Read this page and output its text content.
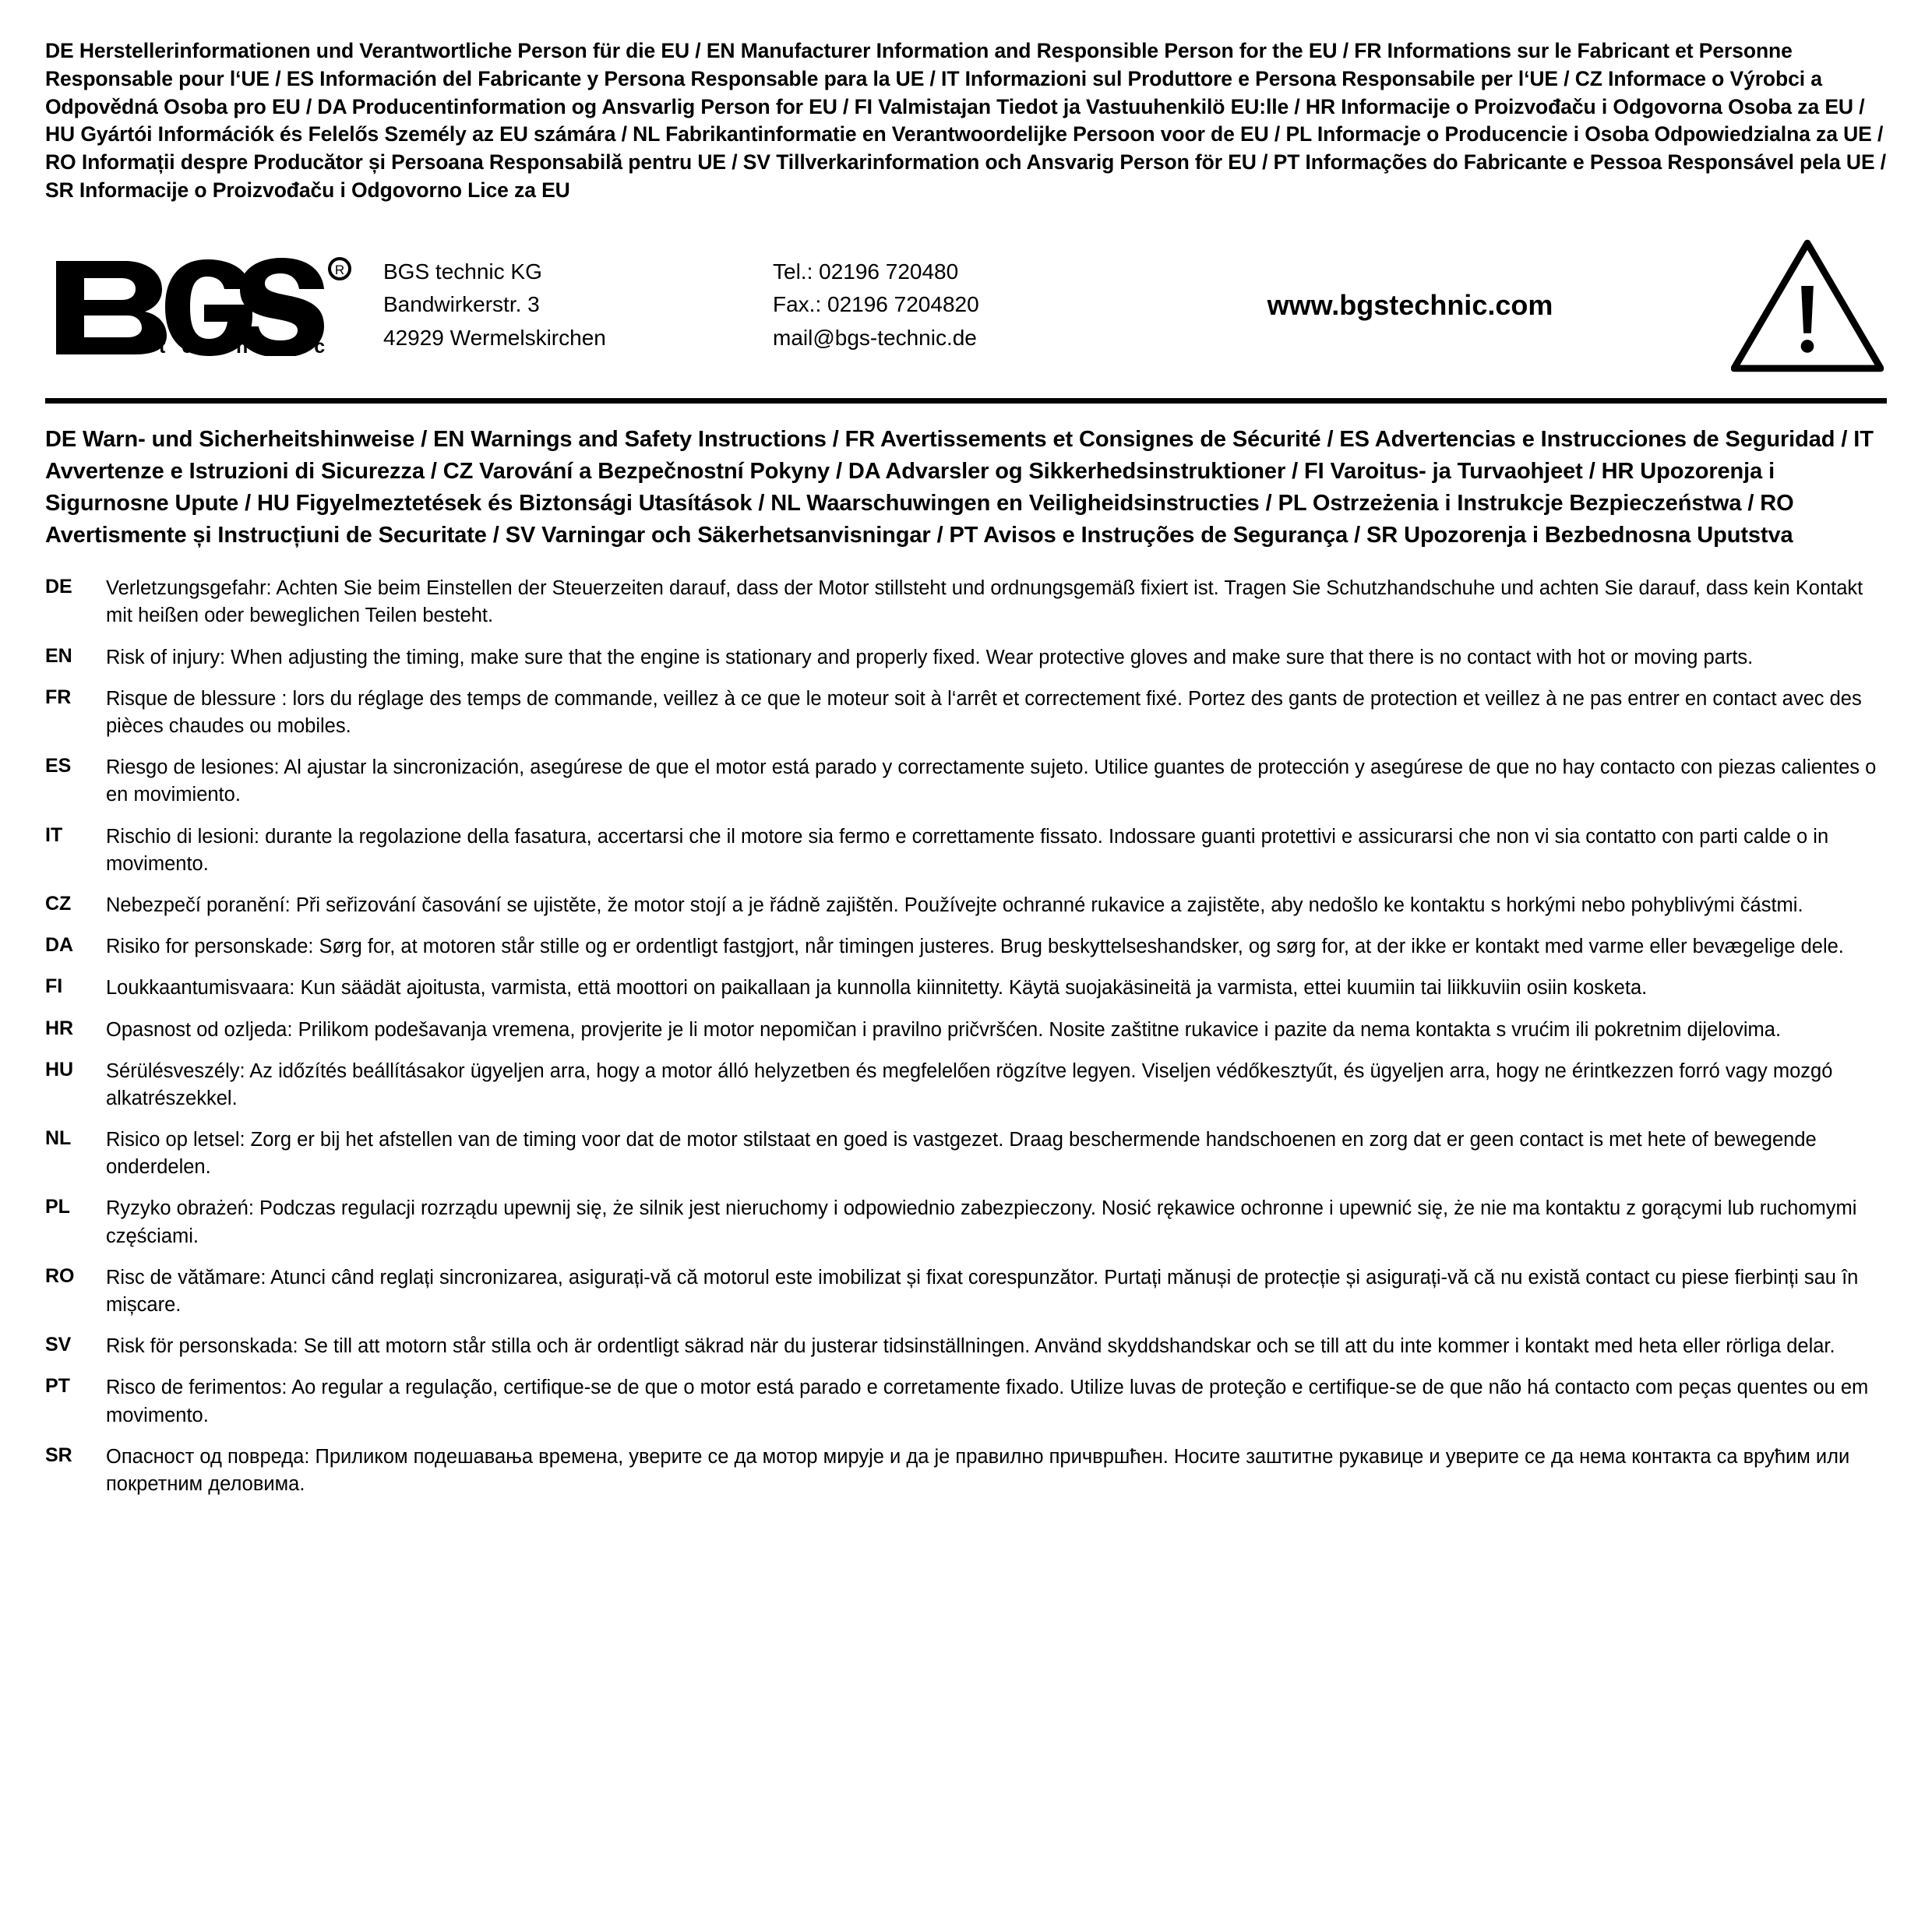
DE Herstellerinformationen und Verantwortliche Person für die EU / EN Manufacturer Information and Responsible Person for the EU / FR Informations sur le Fabricant et Personne Responsable pour l‘UE / ES Información del Fabricante y Persona Responsable para la UE / IT Informazioni sul Produttore e Persona Responsabile per l‘UE / CZ Informace o Výrobci a Odpovědná Osoba pro EU / DA Producentinformation og Ansvarlig Person for EU / FI Valmistajan Tiedot ja Vastuuhenkilö EU:lle / HR Informacije o Proizvođaču i Odgovorna Osoba za EU / HU Gyártói Információk és Felelős Személy az EU számára / NL Fabrikantinformatie en Verantwoordelijke Persoon voor de EU / PL Informacje o Producencie i Osoba Odpowiedzialna za UE / RO Informații despre Producător și Persoana Responsabilă pentru UE / SV Tillverkarinformation och Ansvarig Person för EU / PT Informações do Fabricante e Pessoa Responsável pela UE / SR Informacije o Proizvođaču i Odgovorno Lice za EU
R
t e c h n i c
BGS technic KG
Bandwirkerstr. 3
42929 Wermelskirchen
Tel.: 02196 720480
Fax.: 02196 7204820
mail@bgs-technic.de
www.bgstechnic.com
DE Warn- und Sicherheitshinweise / EN Warnings and Safety Instructions / FR Avertissements et Consignes de Sécurité / ES Advertencias e Instrucciones de Seguridad / IT Avvertenze e Istruzioni di Sicurezza / CZ Varování a Bezpečnostní Pokyny / DA Advarsler og Sikkerhedsinstruktioner / FI Varoitus- ja Turvaohjeet / HR Upozorenja i Sigurnosne Upute / HU Figyelmeztetések és Biztonsági Utasítások / NL Waarschuwingen en Veiligheidsinstructies / PL Ostrzeżenia i Instrukcje Bezpieczeństwa / RO Avertismente și Instrucțiuni de Securitate / SV Varningar och Säkerhetsanvisningar / PT Avisos e Instruções de Segurança / SR Upozorenja i Bezbednosna Uputstva
DE	Verletzungsgefahr: Achten Sie beim Einstellen der Steuerzeiten darauf, dass der Motor stillsteht und ordnungsgemäß fixiert ist. Tragen Sie Schutzhandschuhe und achten Sie darauf, dass kein Kontakt mit heißen oder beweglichen Teilen besteht.
EN	Risk of injury: When adjusting the timing, make sure that the engine is stationary and properly fixed. Wear protective gloves and make sure that there is no contact with hot or moving parts.
FR	Risque de blessure : lors du réglage des temps de commande, veillez à ce que le moteur soit à l‘arrêt et correctement fixé. Portez des gants de protection et veillez à ne pas entrer en contact avec des pièces chaudes ou mobiles.
ES	Riesgo de lesiones: Al ajustar la sincronización, asegúrese de que el motor está parado y correctamente sujeto. Utilice guantes de protección y asegúrese de que no hay contacto con piezas calientes o en movimiento.
IT	Rischio di lesioni: durante la regolazione della fasatura, accertarsi che il motore sia fermo e correttamente fissato. Indossare guanti protettivi e assicurarsi che non vi sia contatto con parti calde o in movimento.
CZ	Nebezpečí poranění: Při seřizování časování se ujistěte, že motor stojí a je řádně zajištěn. Používejte ochranné rukavice a zajistěte, aby nedošlo ke kontaktu s horkými nebo pohyblivými částmi.
DA	Risiko for personskade: Sørg for, at motoren står stille og er ordentligt fastgjort, når timingen justeres. Brug beskyttelseshandsker, og sørg for, at der ikke er kontakt med varme eller bevægelige dele.
FI	Loukkaantumisvaara: Kun säädät ajoitusta, varmista, että moottori on paikallaan ja kunnolla kiinnitetty. Käytä suojakäsineitä ja varmista, ettei kuumiin tai liikkuviin osiin kosketa.
HR	Opasnost od ozljeda: Prilikom podešavanja vremena, provjerite je li motor nepomičan i pravilno pričvršćen. Nosite zaštitne rukavice i pazite da nema kontakta s vrućim ili pokretnim dijelovima.
HU	Sérülésveszély: Az időzítés beállításakor ügyeljen arra, hogy a motor álló helyzetben és megfelelően rögzítve legyen. Viseljen védőkesztyűt, és ügyeljen arra, hogy ne érintkezzen forró vagy mozgó alkatrészekkel.
NL	Risico op letsel: Zorg er bij het afstellen van de timing voor dat de motor stilstaat en goed is vastgezet. Draag beschermende handschoenen en zorg dat er geen contact is met hete of bewegende onderdelen.
PL	Ryzyko obrażeń: Podczas regulacji rozrządu upewnij się, że silnik jest nieruchomy i odpowiednio zabezpieczony. Nosić rękawice ochronne i upewnić się, że nie ma kontaktu z gorącymi lub ruchomymi częściami.
RO	Risc de vătămare: Atunci când reglați sincronizarea, asigurați-vă că motorul este imobilizat și fixat corespunzător. Purtați mănuși de protecție și asigurați-vă că nu există contact cu piese fierbinți sau în mișcare.
SV	Risk för personskada: Se till att motorn står stilla och är ordentligt säkrad när du justerar tidsinställningen. Använd skyddshandskar och se till att du inte kommer i kontakt med heta eller rörliga delar.
PT	Risco de ferimentos: Ao regular a regulação, certifique-se de que o motor está parado e corretamente fixado. Utilize luvas de proteção e certifique-se de que não há contacto com peças quentes ou em movimento.
SR	Опасност од повреда: Приликом подешавања времена, уверите се да мотор мирује и да је правилно причвршћен. Носите заштитне рукавице и уверите се да нема контакта са врућим или покретним деловима.
